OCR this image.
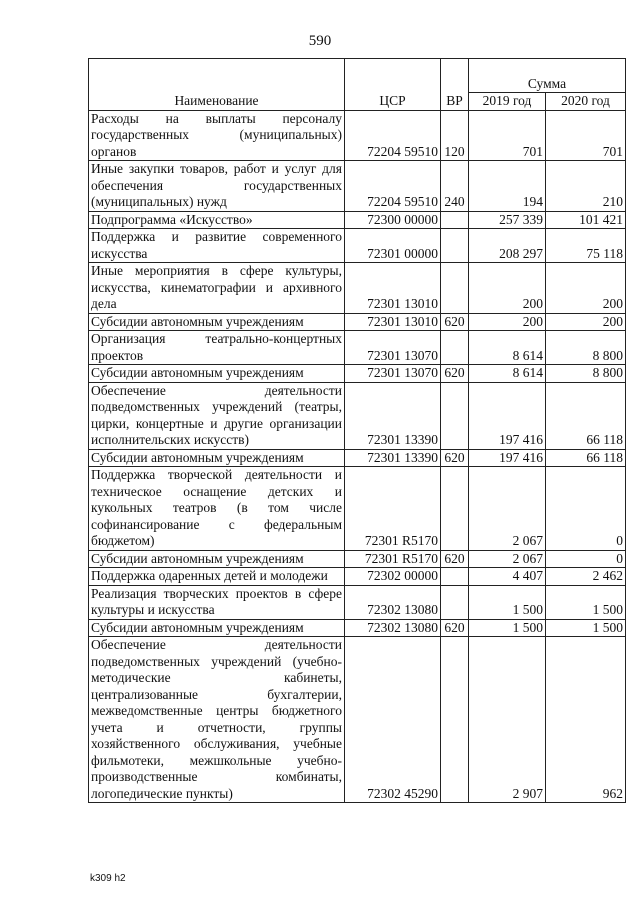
590
Наименование	ЦСР	ВР	Сумма	
			2019 год	2020 год
Расходы на выплаты персоналу государственных (муниципальных) органов	72204 59510	120	701	701
Иные закупки товаров, работ и услуг для обеспечения государственных (муниципальных) нужд	72204 59510	240	194	210
Подпрограмма «Искусство»	72300 00000		257 339	101 421
Поддержка и развитие современного искусства	72301 00000		208 297	75 118
Иные мероприятия в сфере культуры, искусства, кинематографии и архивного дела	72301 13010		200	200
Субсидии автономным учреждениям	72301 13010	620	200	200
Организация театрально-концертных проектов	72301 13070		8 614	8 800
Субсидии автономным учреждениям	72301 13070	620	8 614	8 800
Обеспечение деятельности подведомственных учреждений (театры, цирки, концертные и другие организации исполнительских искусств)	72301 13390		197 416	66 118
Субсидии автономным учреждениям	72301 13390	620	197 416	66 118
Поддержка творческой деятельности и техническое оснащение детских и кукольных театров (в том числе софинансирование с федеральным бюджетом)	72301 R5170		2 067	0
Субсидии автономным учреждениям	72301 R5170	620	2 067	0
Поддержка одаренных детей и молодежи	72302 00000		4 407	2 462
Реализация творческих проектов в сфере культуры и искусства	72302 13080		1 500	1 500
Субсидии автономным учреждениям	72302 13080	620	1 500	1 500
Обеспечение деятельности подведомственных учреждений (учебно-методические кабинеты, централизованные бухгалтерии, межведомственные центры бюджетного учета и отчетности, группы хозяйственного обслуживания, учебные фильмотеки, межшкольные учебно-производственные комбинаты, логопедические пункты)	72302 45290		2 907	962
k309 h2
